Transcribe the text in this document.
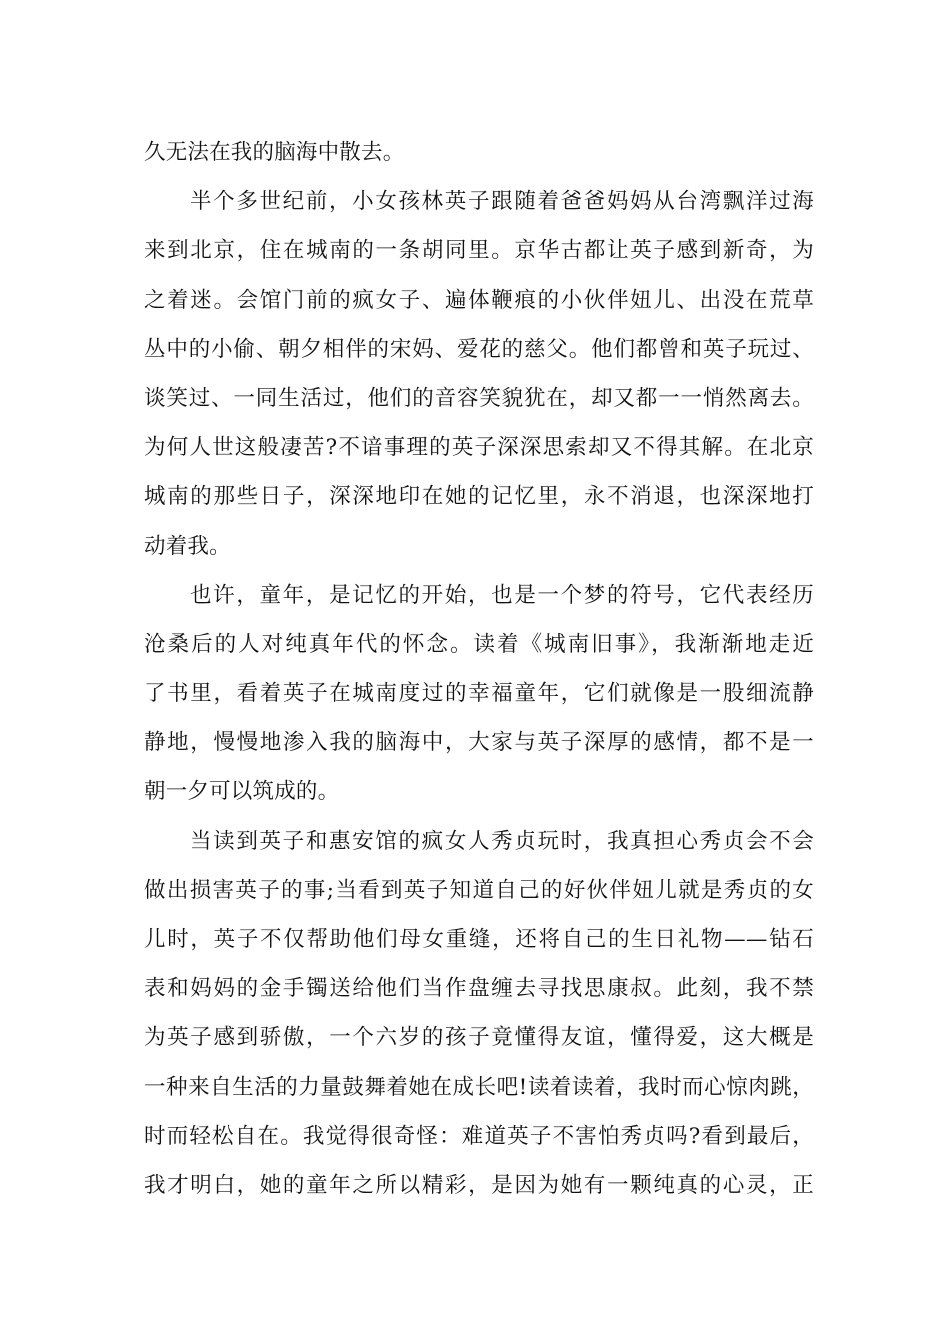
久无法在我的脑海中散去。
半个多世纪前，小女孩林英子跟随着爸爸妈妈从台湾飘洋过海
来到北京，住在城南的一条胡同里。京华古都让英子感到新奇，为
之着迷。会馆门前的疯女子、遍体鞭痕的小伙伴妞儿、出没在荒草
丛中的小偷、朝夕相伴的宋妈、爱花的慈父。他们都曾和英子玩过、
谈笑过、一同生活过，他们的音容笑貌犹在，却又都一一悄然离去。
为何人世这般凄苦?不谙事理的英子深深思索却又不得其解。在北京
城南的那些日子，深深地印在她的记忆里，永不消退，也深深地打
动着我。
也许，童年，是记忆的开始，也是一个梦的符号，它代表经历
沧桑后的人对纯真年代的怀念。读着《城南旧事》，我渐渐地走近
了书里，看着英子在城南度过的幸福童年，它们就像是一股细流静
静地，慢慢地渗入我的脑海中，大家与英子深厚的感情，都不是一
朝一夕可以筑成的。
当读到英子和惠安馆的疯女人秀贞玩时，我真担心秀贞会不会
做出损害英子的事;当看到英子知道自己的好伙伴妞儿就是秀贞的女
儿时，英子不仅帮助他们母女重缝，还将自己的生日礼物——钻石
表和妈妈的金手镯送给他们当作盘缠去寻找思康叔。此刻，我不禁
为英子感到骄傲，一个六岁的孩子竟懂得友谊，懂得爱，这大概是
一种来自生活的力量鼓舞着她在成长吧!读着读着，我时而心惊肉跳，
时而轻松自在。我觉得很奇怪：难道英子不害怕秀贞吗?看到最后，
我才明白，她的童年之所以精彩，是因为她有一颗纯真的心灵，正
